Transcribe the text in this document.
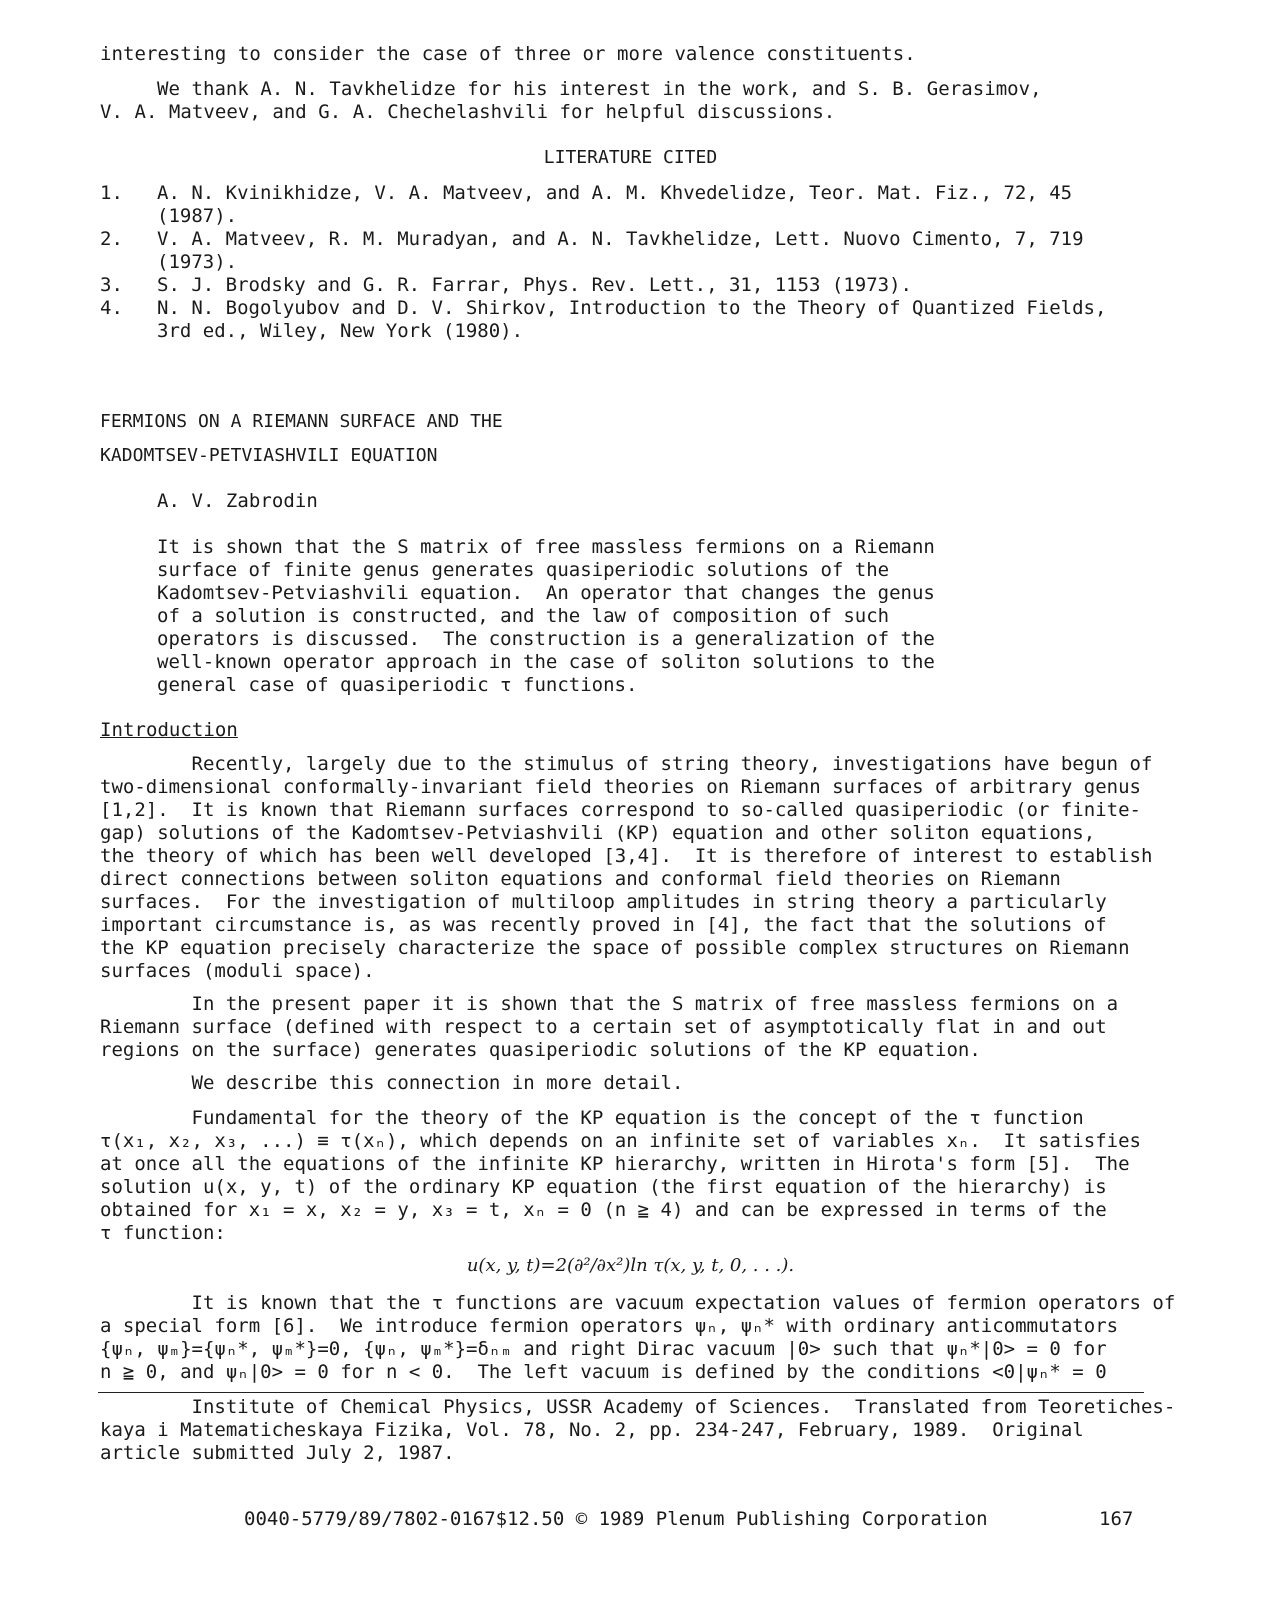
interesting to consider the case of three or more valence constituents.
We thank A. N. Tavkhelidze for his interest in the work, and S. B. Gerasimov,
V. A. Matveev, and G. A. Chechelashvili for helpful discussions.
LITERATURE CITED
1. A. N. Kvinikhidze, V. A. Matveev, and A. M. Khvedelidze, Teor. Mat. Fiz., 72, 45
(1987).
2. V. A. Matveev, R. M. Muradyan, and A. N. Tavkhelidze, Lett. Nuovo Cimento, 7, 719
(1973).
3. S. J. Brodsky and G. R. Farrar, Phys. Rev. Lett., 31, 1153 (1973).
4. N. N. Bogolyubov and D. V. Shirkov, Introduction to the Theory of Quantized Fields,
3rd ed., Wiley, New York (1980).
FERMIONS ON A RIEMANN SURFACE AND THE
KADOMTSEV-PETVIASHVILI EQUATION
A. V. Zabrodin
It is shown that the S matrix of free massless fermions on a Riemann
surface of finite genus generates quasiperiodic solutions of the
Kadomtsev-Petviashvili equation.  An operator that changes the genus
of a solution is constructed, and the law of composition of such
operators is discussed.  The construction is a generalization of the
well-known operator approach in the case of soliton solutions to the
general case of quasiperiodic τ functions.
Introduction
Recently, largely due to the stimulus of string theory, investigations have begun of
two-dimensional conformally-invariant field theories on Riemann surfaces of arbitrary genus
[1,2].  It is known that Riemann surfaces correspond to so-called quasiperiodic (or finite-
gap) solutions of the Kadomtsev-Petviashvili (KP) equation and other soliton equations,
the theory of which has been well developed [3,4].  It is therefore of interest to establish
direct connections between soliton equations and conformal field theories on Riemann
surfaces.  For the investigation of multiloop amplitudes in string theory a particularly
important circumstance is, as was recently proved in [4], the fact that the solutions of
the KP equation precisely characterize the space of possible complex structures on Riemann
surfaces (moduli space).
In the present paper it is shown that the S matrix of free massless fermions on a
Riemann surface (defined with respect to a certain set of asymptotically flat in and out
regions on the surface) generates quasiperiodic solutions of the KP equation.
We describe this connection in more detail.
Fundamental for the theory of the KP equation is the concept of the τ function
τ(x₁, x₂, x₃, ...) ≡ τ(xₙ), which depends on an infinite set of variables xₙ.  It satisfies
at once all the equations of the infinite KP hierarchy, written in Hirota's form [5].  The
solution u(x, y, t) of the ordinary KP equation (the first equation of the hierarchy) is
obtained for x₁ = x, x₂ = y, x₃ = t, xₙ = 0 (n ≧ 4) and can be expressed in terms of the
τ function:
u(x, y, t)=2(∂²/∂x²)ln τ(x, y, t, 0, . . .).
It is known that the τ functions are vacuum expectation values of fermion operators of
a special form [6].  We introduce fermion operators ψₙ, ψₙ* with ordinary anticommutators
{ψₙ, ψₘ}={ψₙ*, ψₘ*}=0, {ψₙ, ψₘ*}=δₙₘ and right Dirac vacuum |0> such that ψₙ*|0> = 0 for
n ≧ 0, and ψₙ|0> = 0 for n < 0.  The left vacuum is defined by the conditions <0|ψₙ* = 0
Institute of Chemical Physics, USSR Academy of Sciences.  Translated from Teoretiches-
kaya i Matematicheskaya Fizika, Vol. 78, No. 2, pp. 234-247, February, 1989.  Original
article submitted July 2, 1987.
0040-5779/89/7802-0167$12.50 © 1989 Plenum Publishing Corporation	167
